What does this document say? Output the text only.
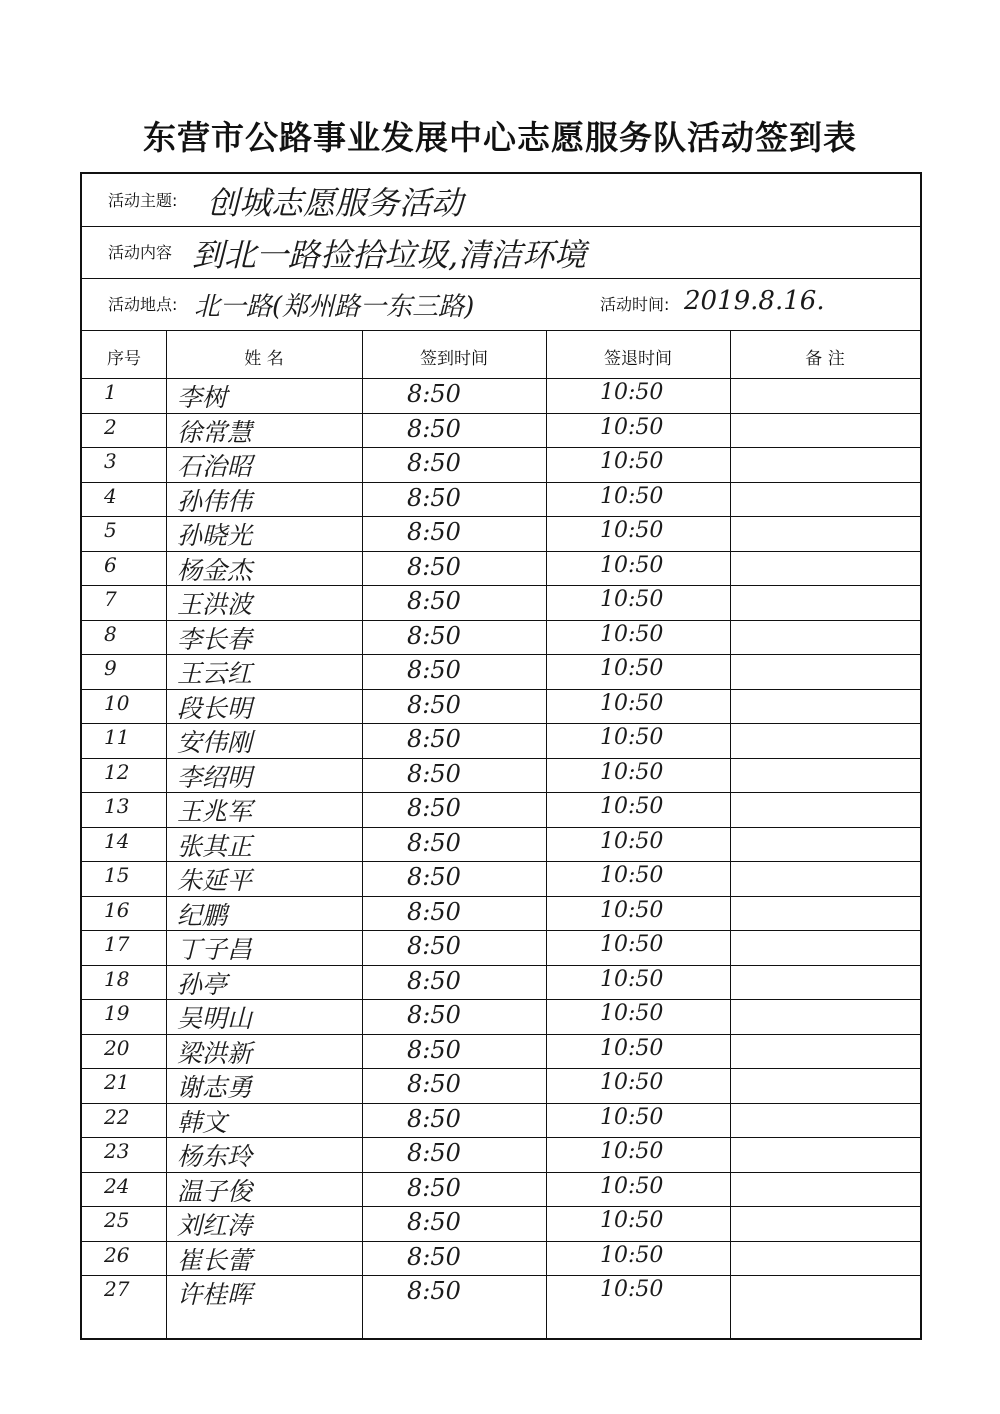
东营市公路事业发展中心志愿服务队活动签到表
活动主题: 创城志愿服务活动
活动内容 到北一路捡拾垃圾,清洁环境
活动地点: 北一路(郑州路一东三路)	活动时间: 2019.8.16.
序号	姓 名	签到时间	签退时间	备 注
1	李树	8:50	10:50
2	徐常慧	8:50	10:50
3	石治昭	8:50	10:50
4	孙伟伟	8:50	10:50
5	孙晓光	8:50	10:50
6	杨金杰	8:50	10:50
7	王洪波	8:50	10:50
8	李长春	8:50	10:50
9	王云红	8:50	10:50
10	段长明	8:50	10:50
11	安伟刚	8:50	10:50
12	李绍明	8:50	10:50
13	王兆军	8:50	10:50
14	张其正	8:50	10:50
15	朱延平	8:50	10:50
16	纪鹏	8:50	10:50
17	丁子昌	8:50	10:50
18	孙亭	8:50	10:50
19	吴明山	8:50	10:50
20	梁洪新	8:50	10:50
21	谢志勇	8:50	10:50
22	韩文	8:50	10:50
23	杨东玲	8:50	10:50
24	温子俊	8:50	10:50
25	刘红涛	8:50	10:50
26	崔长蕾	8:50	10:50
27	许桂晖	8:50	10:50
